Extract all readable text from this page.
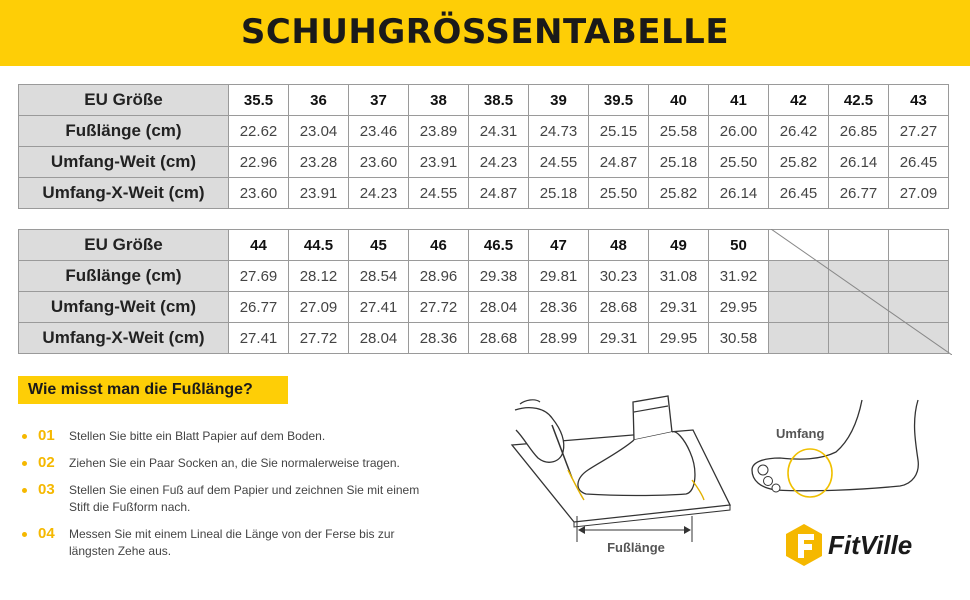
SCHUHGRÖSSENTABELLE
EU Größe	35.5	36	37	38	38.5	39	39.5	40	41	42	42.5	43
Fußlänge (cm)	22.62	23.04	23.46	23.89	24.31	24.73	25.15	25.58	26.00	26.42	26.85	27.27
Umfang-Weit (cm)	22.96	23.28	23.60	23.91	24.23	24.55	24.87	25.18	25.50	25.82	26.14	26.45
Umfang-X-Weit (cm)	23.60	23.91	24.23	24.55	24.87	25.18	25.50	25.82	26.14	26.45	26.77	27.09
EU Größe	44	44.5	45	46	46.5	47	48	49	50			
Fußlänge (cm)	27.69	28.12	28.54	28.96	29.38	29.81	30.23	31.08	31.92			
Umfang-Weit (cm)	26.77	27.09	27.41	27.72	28.04	28.36	28.68	29.31	29.95			
Umfang-X-Weit (cm)	27.41	27.72	28.04	28.36	28.68	28.99	29.31	29.95	30.58			
Wie misst man die Fußlänge?
01 Stellen Sie bitte ein Blatt Papier auf dem Boden.
02 Ziehen Sie ein Paar Socken an, die Sie normalerweise tragen.
03 Stellen Sie einen Fuß auf dem Papier und zeichnen Sie mit einem Stift die Fußform nach.
04 Messen Sie mit einem Lineal die Länge von der Ferse bis zur längsten Zehe aus.	Fußlänge
Umfang
FitVille
